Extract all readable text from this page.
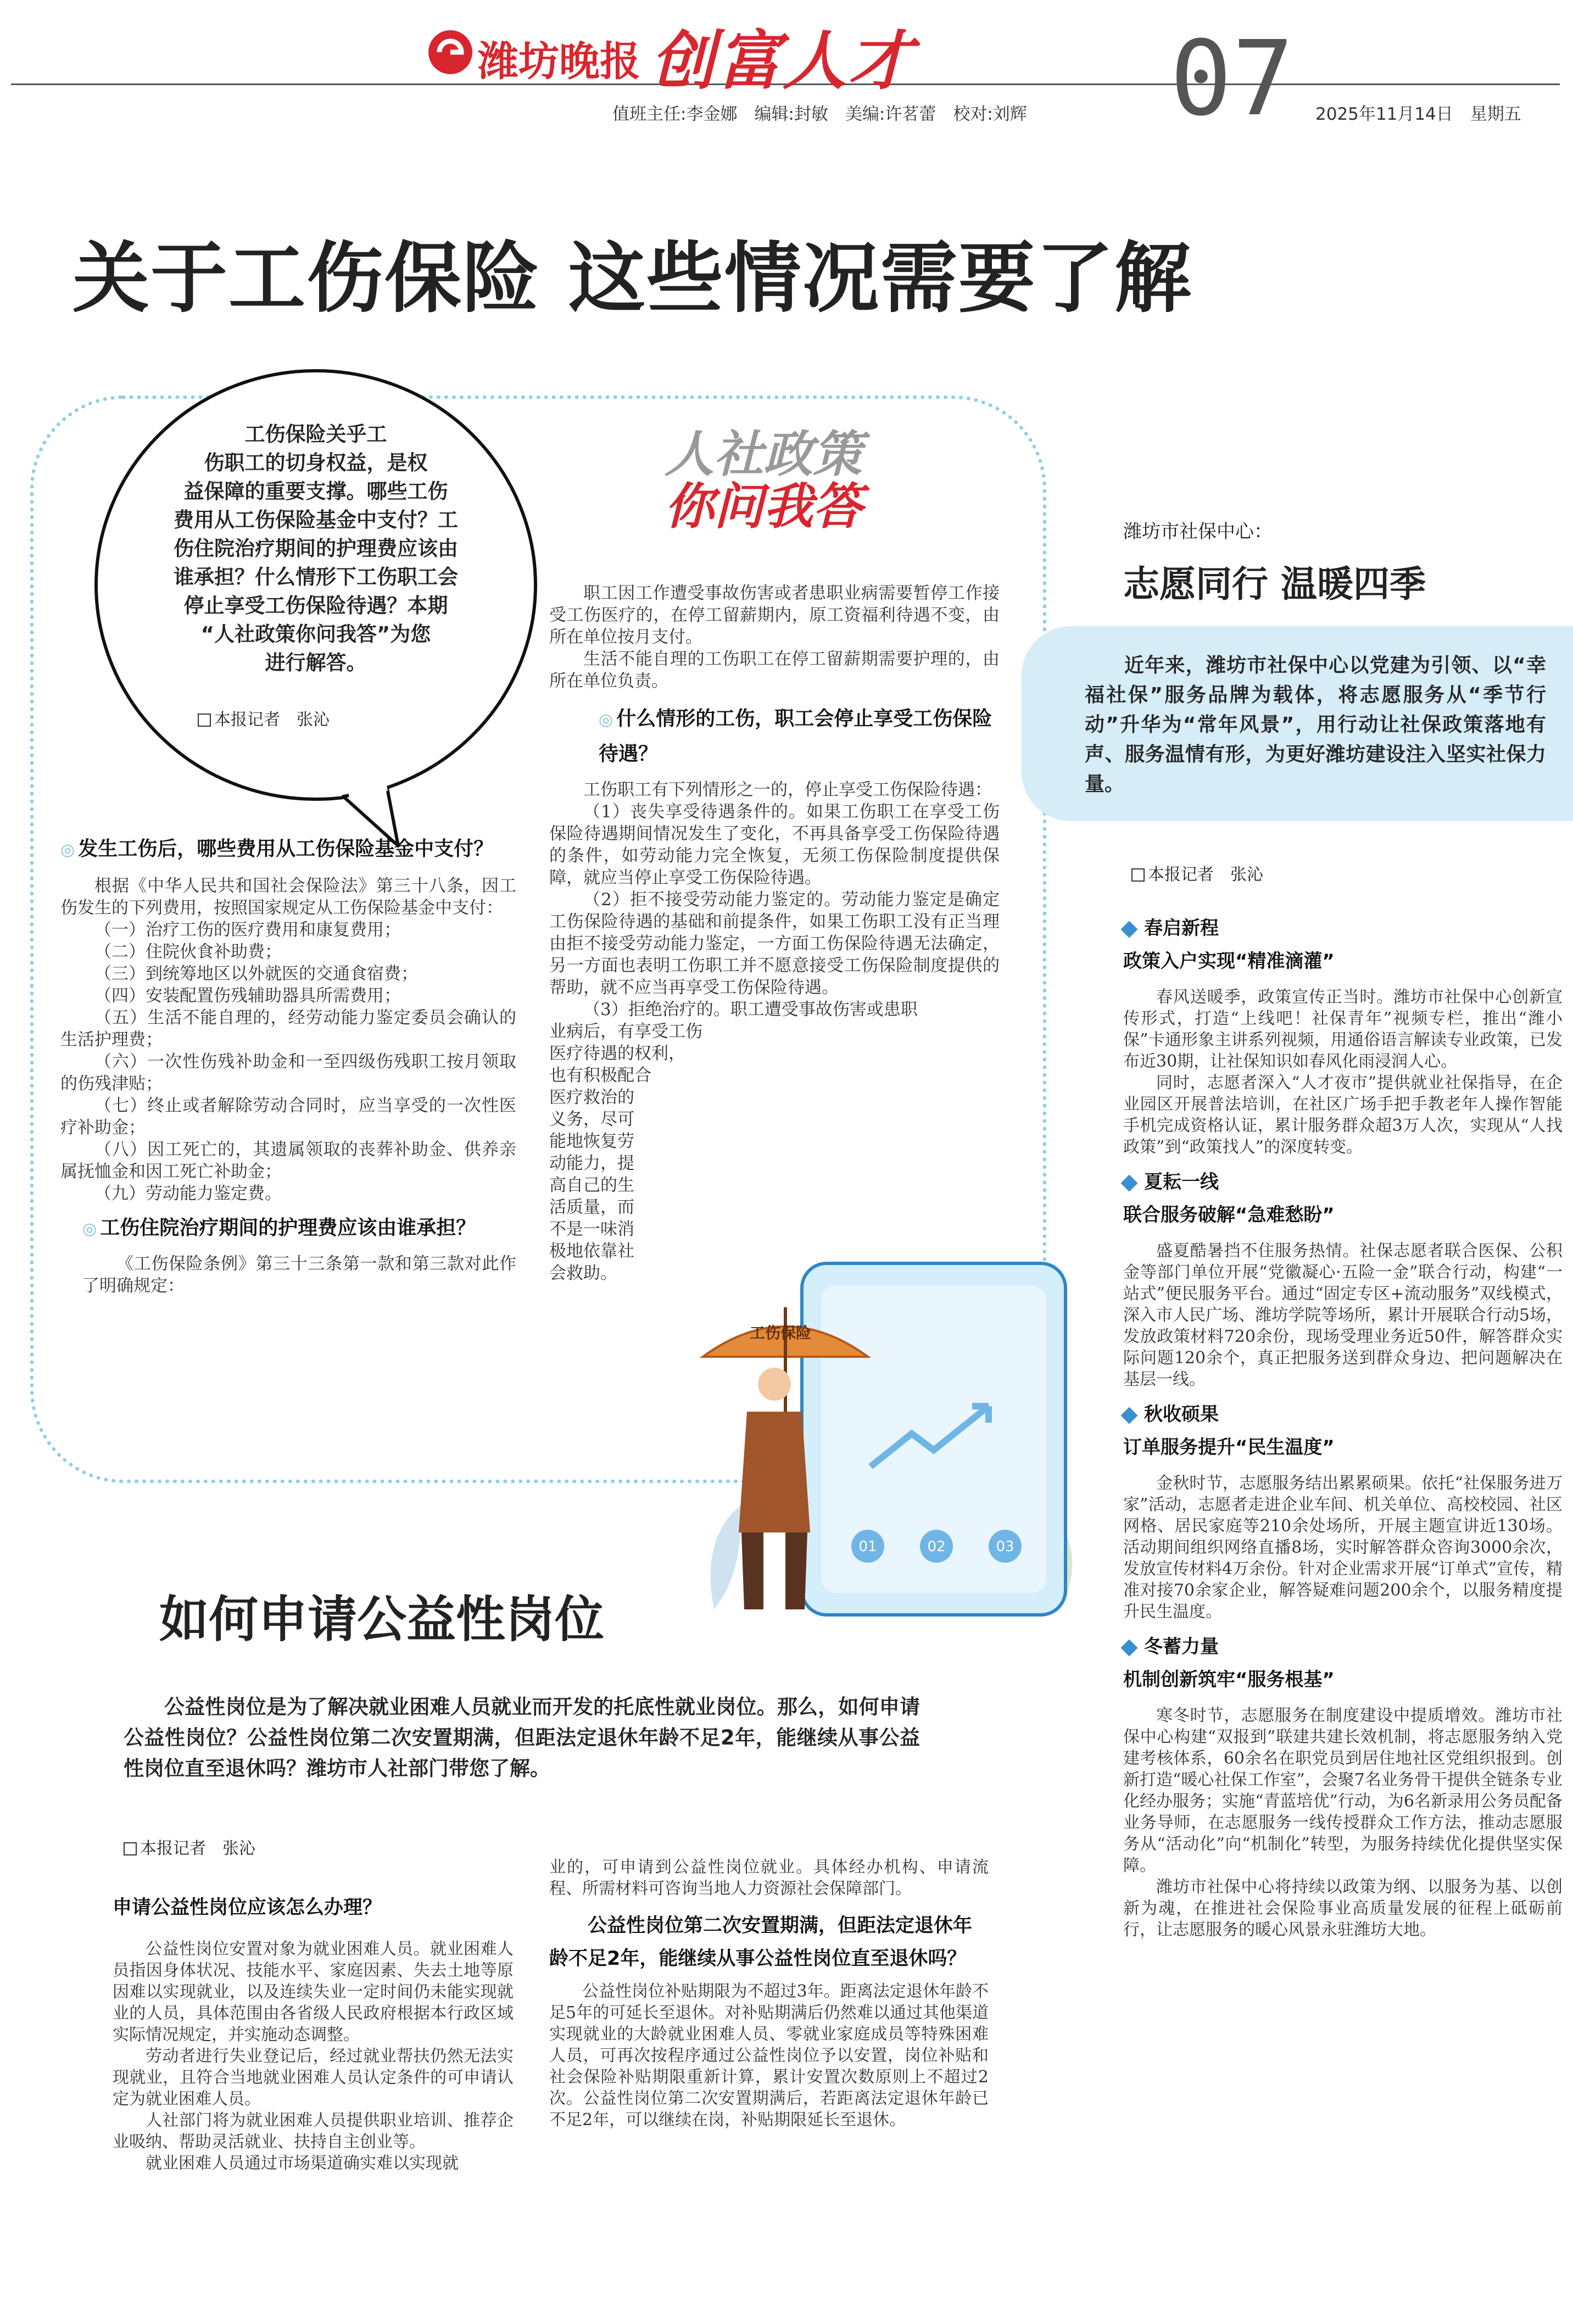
潍坊晚报 创富人才
值班主任:李金娜　编辑:封敏　美编:许茗蕾　校对:刘辉 07 2025年11月14日　星期五
关于工伤保险 这些情况需要了解
工伤保险关乎工
伤职工的切身权益，是权
益保障的重要支撑。哪些工伤
费用从工伤保险基金中支付？工
伤住院治疗期间的护理费应该由
谁承担？什么情形下工伤职工会
停止享受工伤保险待遇？本期
“人社政策你问我答”为您
进行解答。
本报记者　张沁
人社政策
你问我答
◎ 发生工伤后，哪些费用从工伤保险基金中支付？

根据《中华人民共和国社会保险法》第三十八条，因工伤发生的下列费用，按照国家规定从工伤保险基金中支付：

（一）治疗工伤的医疗费用和康复费用；

（二）住院伙食补助费；

（三）到统筹地区以外就医的交通食宿费；

（四）安装配置伤残辅助器具所需费用；

（五）生活不能自理的，经劳动能力鉴定委员会确认的生活护理费；

（六）一次性伤残补助金和一至四级伤残职工按月领取的伤残津贴；

（七）终止或者解除劳动合同时，应当享受的一次性医疗补助金；

（八）因工死亡的，其遗属领取的丧葬补助金、供养亲属抚恤金和因工死亡补助金；

（九）劳动能力鉴定费。

◎ 工伤住院治疗期间的护理费应该由谁承担？

《工伤保险条例》第三十三条第一款和第三款对此作了明确规定：

职工因工作遭受事故伤害或者患职业病需要暂停工作接受工伤医疗的，在停工留薪期内，原工资福利待遇不变，由所在单位按月支付。

生活不能自理的工伤职工在停工留薪期需要护理的，由所在单位负责。

◎ 什么情形的工伤，职工会停止享受工伤保险待遇？

工伤职工有下列情形之一的，停止享受工伤保险待遇：

（1）丧失享受待遇条件的。如果工伤职工在享受工伤保险待遇期间情况发生了变化，不再具备享受工伤保险待遇的条件，如劳动能力完全恢复，无须工伤保险制度提供保障，就应当停止享受工伤保险待遇。

（2）拒不接受劳动能力鉴定的。劳动能力鉴定是确定工伤保险待遇的基础和前提条件，如果工伤职工没有正当理由拒不接受劳动能力鉴定，一方面工伤保险待遇无法确定，另一方面也表明工伤职工并不愿意接受工伤保险制度提供的帮助，就不应当再享受工伤保险待遇。

（3）拒绝治疗的。职工遭受事故伤害或患职

业病后，有享受工伤

医疗待遇的权利，

也有积极配合

医疗救治的

义务，尽可

能地恢复劳

动能力，提

高自己的生

活质量，而

不是一味消

极地依靠社

会救助。

01	02	03
工伤保险
如何申请公益性岗位
公益性岗位是为了解决就业困难人员就业而开发的托底性就业岗位。那么，如何申请公益性岗位？公益性岗位第二次安置期满，但距法定退休年龄不足2年，能继续从事公益性岗位直至退休吗？潍坊市人社部门带您了解。
本报记者　张沁
申请公益性岗位应该怎么办理？

公益性岗位安置对象为就业困难人员。就业困难人员指因身体状况、技能水平、家庭因素、失去土地等原因难以实现就业，以及连续失业一定时间仍未能实现就业的人员，具体范围由各省级人民政府根据本行政区域实际情况规定，并实施动态调整。

劳动者进行失业登记后，经过就业帮扶仍然无法实现就业，且符合当地就业困难人员认定条件的可申请认定为就业困难人员。

人社部门将为就业困难人员提供职业培训、推荐企业吸纳、帮助灵活就业、扶持自主创业等。

就业困难人员通过市场渠道确实难以实现就

业的，可申请到公益性岗位就业。具体经办机构、申请流程、所需材料可咨询当地人力资源社会保障部门。

公益性岗位第二次安置期满，但距法定退休年龄不足2年，能继续从事公益性岗位直至退休吗？

公益性岗位补贴期限为不超过3年。距离法定退休年龄不足5年的可延长至退休。对补贴期满后仍然难以通过其他渠道实现就业的大龄就业困难人员、零就业家庭成员等特殊困难人员，可再次按程序通过公益性岗位予以安置，岗位补贴和社会保险补贴期限重新计算，累计安置次数原则上不超过2次。公益性岗位第二次安置期满后，若距离法定退休年龄已不足2年，可以继续在岗，补贴期限延长至退休。

潍坊市社保中心：
志愿同行 温暖四季
近年来，潍坊市社保中心以党建为引领、以“幸福社保”服务品牌为载体，将志愿服务从“季节行动”升华为“常年风景”，用行动让社保政策落地有声、服务温情有形，为更好潍坊建设注入坚实社保力量。
本报记者　张沁
春启新程
政策入户实现“精准滴灌”

春风送暖季，政策宣传正当时。潍坊市社保中心创新宣传形式，打造“上线吧！社保青年”视频专栏，推出“潍小保”卡通形象主讲系列视频，用通俗语言解读专业政策，已发布近30期，让社保知识如春风化雨浸润人心。

同时，志愿者深入“人才夜市”提供就业社保指导，在企业园区开展普法培训，在社区广场手把手教老年人操作智能手机完成资格认证，累计服务群众超3万人次，实现从“人找政策”到“政策找人”的深度转变。

夏耘一线
联合服务破解“急难愁盼”

盛夏酷暑挡不住服务热情。社保志愿者联合医保、公积金等部门单位开展“党徽凝心·五险一金”联合行动，构建“一站式”便民服务平台。通过“固定专区+流动服务”双线模式，深入市人民广场、潍坊学院等场所，累计开展联合行动5场，发放政策材料720余份，现场受理业务近50件，解答群众实际问题120余个，真正把服务送到群众身边、把问题解决在基层一线。

秋收硕果
订单服务提升“民生温度”

金秋时节，志愿服务结出累累硕果。依托“社保服务进万家”活动，志愿者走进企业车间、机关单位、高校校园、社区网格、居民家庭等210余处场所，开展主题宣讲近130场。活动期间组织网络直播8场，实时解答群众咨询3000余次，发放宣传材料4万余份。针对企业需求开展“订单式”宣传，精准对接70余家企业，解答疑难问题200余个，以服务精度提升民生温度。

冬蓄力量
机制创新筑牢“服务根基”

寒冬时节，志愿服务在制度建设中提质增效。潍坊市社保中心构建“双报到”联建共建长效机制，将志愿服务纳入党建考核体系，60余名在职党员到居住地社区党组织报到。创新打造“暖心社保工作室”，会聚7名业务骨干提供全链条专业化经办服务；实施“青蓝培优”行动，为6名新录用公务员配备业务导师，在志愿服务一线传授群众工作方法，推动志愿服务从“活动化”向“机制化”转型，为服务持续优化提供坚实保障。

潍坊市社保中心将持续以政策为纲、以服务为基、以创新为魂，在推进社会保险事业高质量发展的征程上砥砺前行，让志愿服务的暖心风景永驻潍坊大地。
